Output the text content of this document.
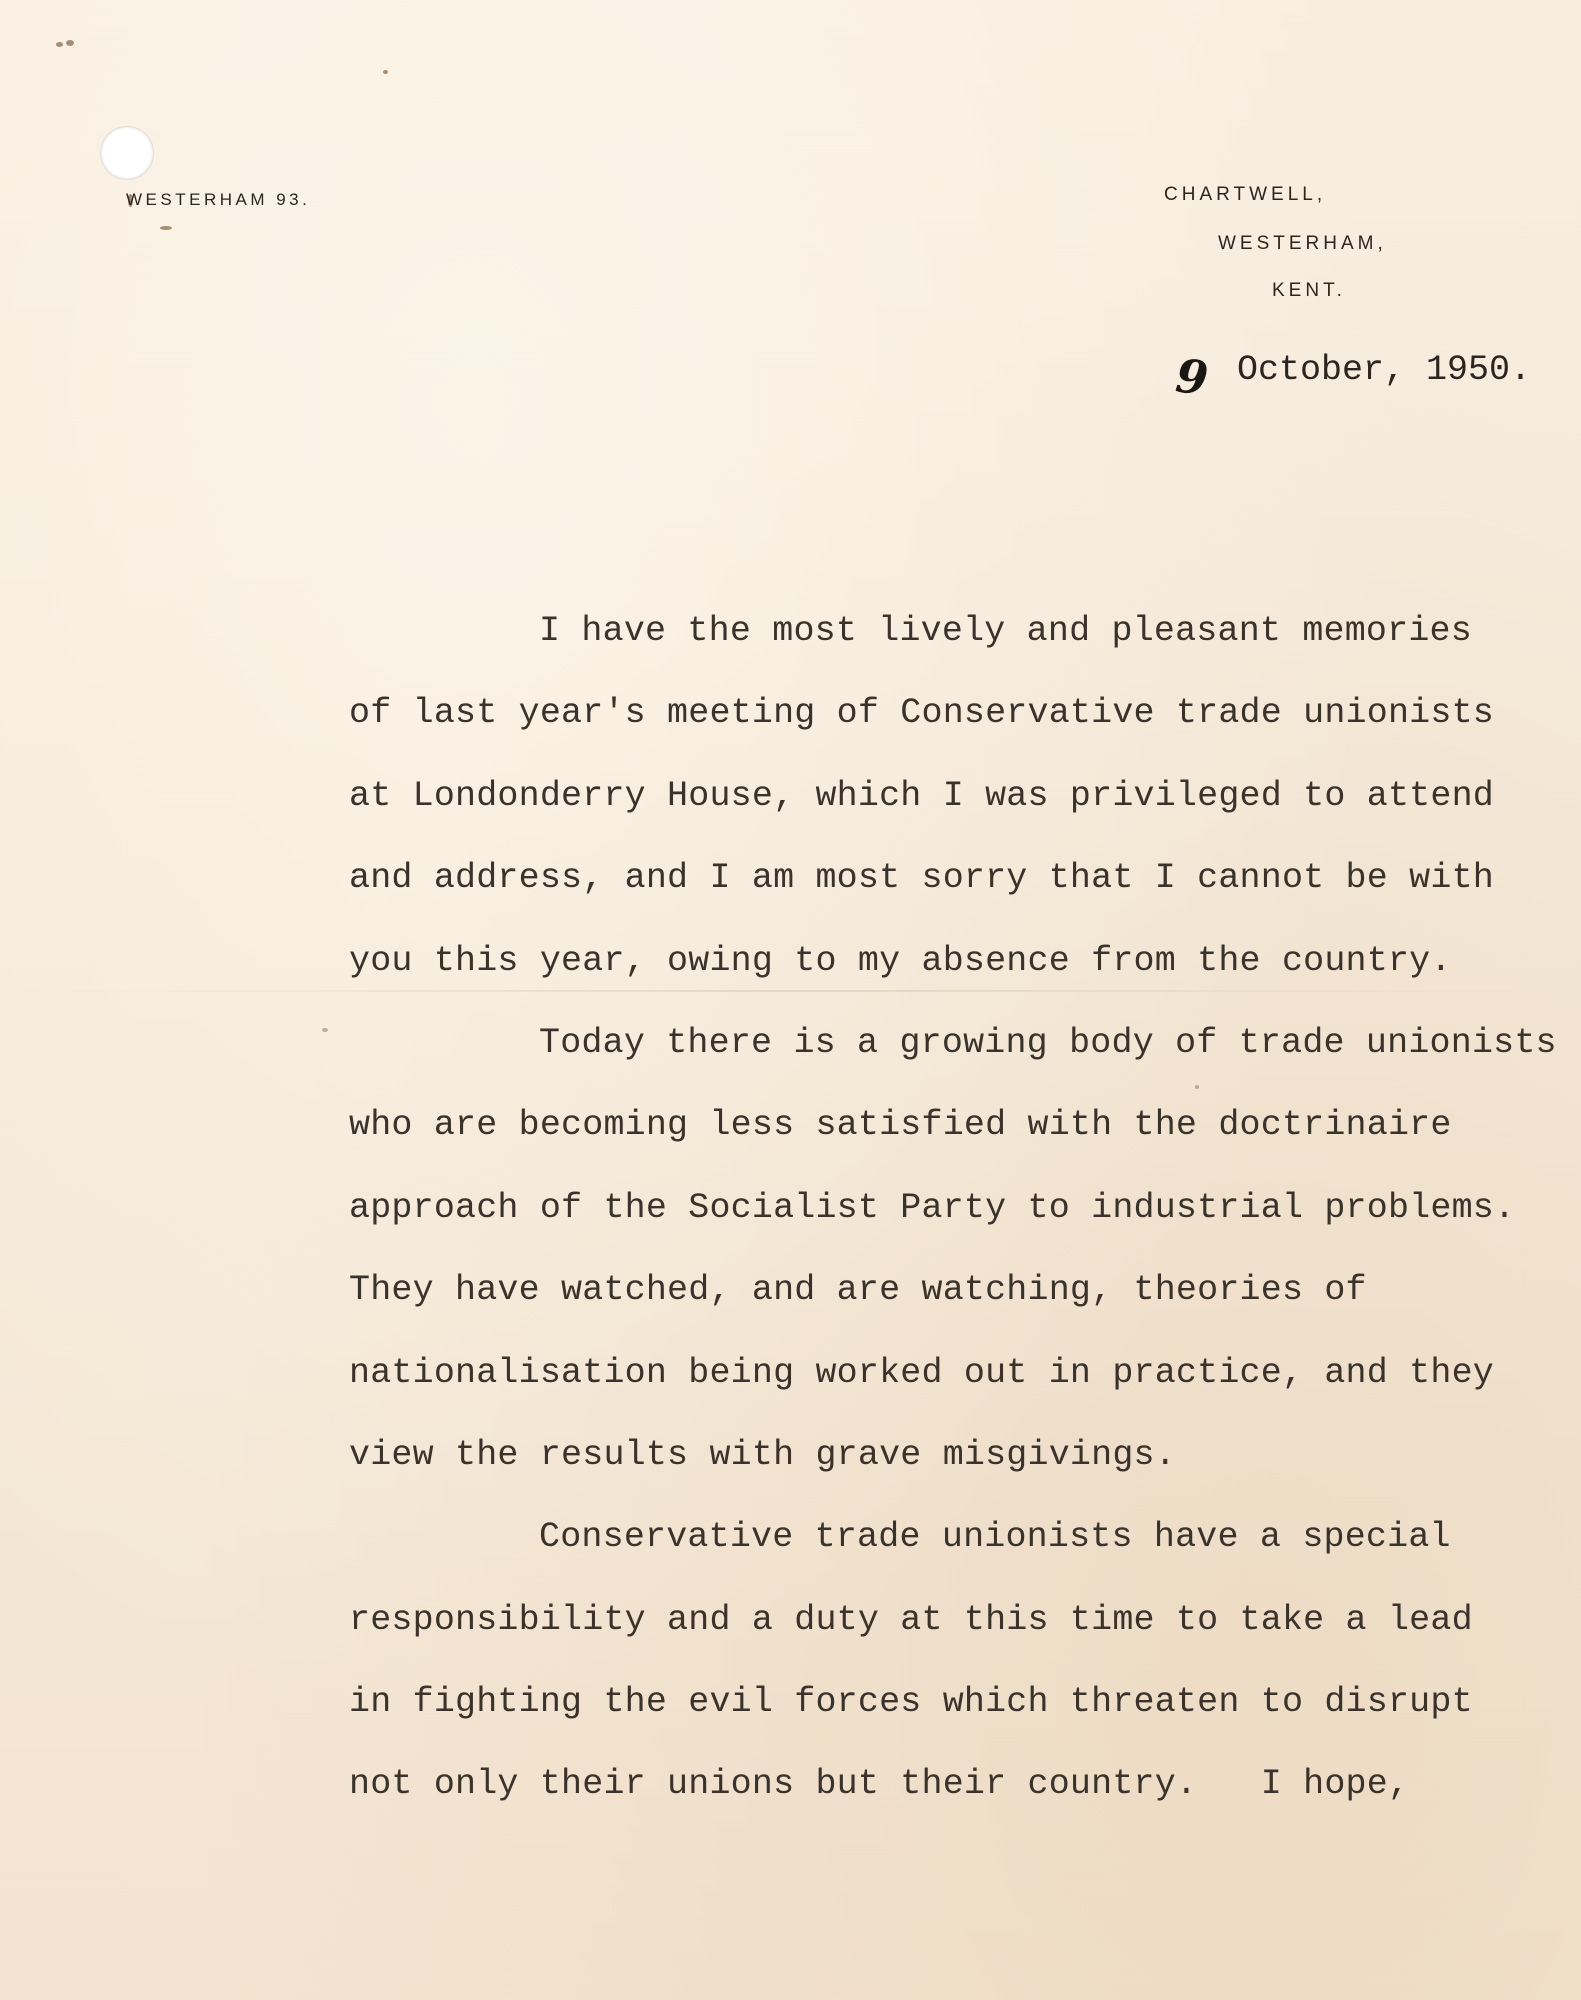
WESTERHAM 93.	CHARTWELL,
WESTERHAM,
KENT.
9 October, 1950.
I have the most lively and pleasant memories
of last year's meeting of Conservative trade unionists
at Londonderry House, which I was privileged to attend
and address, and I am most sorry that I cannot be with
you this year, owing to my absence from the country.
Today there is a growing body of trade unionists
who are becoming less satisfied with the doctrinaire
approach of the Socialist Party to industrial problems.
They have watched, and are watching, theories of
nationalisation being worked out in practice, and they
view the results with grave misgivings.
Conservative trade unionists have a special
responsibility and a duty at this time to take a lead
in fighting the evil forces which threaten to disrupt
not only their unions but their country.   I hope,
